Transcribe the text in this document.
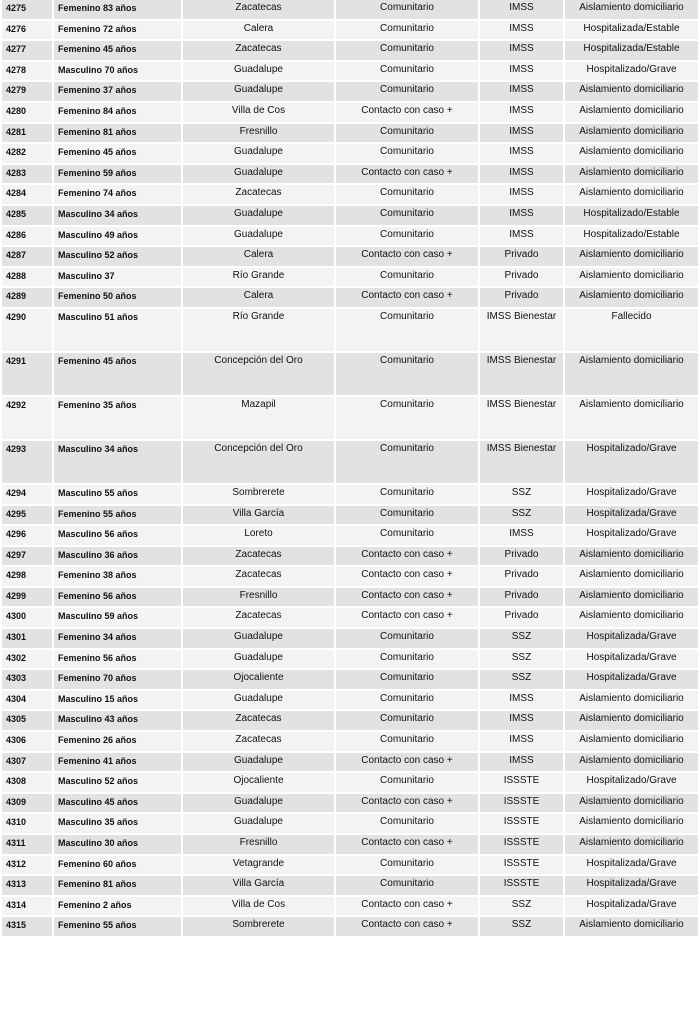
4275	Femenino 83 años	Zacatecas	Comunitario	IMSS	Aislamiento domiciliario
4276	Femenino 72 años	Calera	Comunitario	IMSS	Hospitalizada/Estable
4277	Femenino 45 años	Zacatecas	Comunitario	IMSS	Hospitalizada/Estable
4278	Masculino 70 años	Guadalupe	Comunitario	IMSS	Hospitalizado/Grave
4279	Femenino 37 años	Guadalupe	Comunitario	IMSS	Aislamiento domiciliario
4280	Femenino 84 años	Villa de Cos	Contacto con caso +	IMSS	Aislamiento domiciliario
4281	Femenino 81 años	Fresnillo	Comunitario	IMSS	Aislamiento domiciliario
4282	Femenino 45 años	Guadalupe	Comunitario	IMSS	Aislamiento domiciliario
4283	Femenino 59 años	Guadalupe	Contacto con caso +	IMSS	Aislamiento domiciliario
4284	Femenino 74 años	Zacatecas	Comunitario	IMSS	Aislamiento domiciliario
4285	Masculino 34 años	Guadalupe	Comunitario	IMSS	Hospitalizado/Estable
4286	Masculino 49 años	Guadalupe	Comunitario	IMSS	Hospitalizado/Estable
4287	Masculino 52 años	Calera	Contacto con caso +	Privado	Aislamiento domiciliario
4288	Masculino 37	Río Grande	Comunitario	Privado	Aislamiento domiciliario
4289	Femenino 50 años	Calera	Contacto con caso +	Privado	Aislamiento domiciliario
4290	Masculino 51 años	Río Grande	Comunitario	IMSS Bienestar	Fallecido
4291	Femenino 45 años	Concepción del Oro	Comunitario	IMSS Bienestar	Aislamiento domiciliario
4292	Femenino 35 años	Mazapil	Comunitario	IMSS Bienestar	Aislamiento domiciliario
4293	Masculino 34 años	Concepción del Oro	Comunitario	IMSS Bienestar	Hospitalizado/Grave
4294	Masculino 55 años	Sombrerete	Comunitario	SSZ	Hospitalizado/Grave
4295	Femenino 55 años	Villa García	Comunitario	SSZ	Hospitalizada/Grave
4296	Masculino 56 años	Loreto	Comunitario	IMSS	Hospitalizado/Grave
4297	Masculino 36 años	Zacatecas	Contacto con caso +	Privado	Aislamiento domiciliario
4298	Femenino 38 años	Zacatecas	Contacto con caso +	Privado	Aislamiento domiciliario
4299	Femenino 56 años	Fresnillo	Contacto con caso +	Privado	Aislamiento domiciliario
4300	Masculino 59 años	Zacatecas	Contacto con caso +	Privado	Aislamiento domiciliario
4301	Femenino 34 años	Guadalupe	Comunitario	SSZ	Hospitalizada/Grave
4302	Femenino 56 años	Guadalupe	Comunitario	SSZ	Hospitalizada/Grave
4303	Femenino 70 años	Ojocaliente	Comunitario	SSZ	Hospitalizada/Grave
4304	Masculino 15 años	Guadalupe	Comunitario	IMSS	Aislamiento domiciliario
4305	Masculino 43 años	Zacatecas	Comunitario	IMSS	Aislamiento domiciliario
4306	Femenino 26 años	Zacatecas	Comunitario	IMSS	Aislamiento domiciliario
4307	Femenino 41 años	Guadalupe	Contacto con caso +	IMSS	Aislamiento domiciliario
4308	Masculino 52 años	Ojocaliente	Comunitario	ISSSTE	Hospitalizado/Grave
4309	Masculino 45 años	Guadalupe	Contacto con caso +	ISSSTE	Aislamiento domiciliario
4310	Masculino 35 años	Guadalupe	Comunitario	ISSSTE	Aislamiento domiciliario
4311	Masculino 30 años	Fresnillo	Contacto con caso +	ISSSTE	Aislamiento domiciliario
4312	Femenino 60 años	Vetagrande	Comunitario	ISSSTE	Hospitalizada/Grave
4313	Femenino 81 años	Villa García	Comunitario	ISSSTE	Hospitalizada/Grave
4314	Femenino 2 años	Villa de Cos	Contacto con caso +	SSZ	Hospitalizada/Grave
4315	Femenino 55 años	Sombrerete	Contacto con caso +	SSZ	Aislamiento domiciliario
